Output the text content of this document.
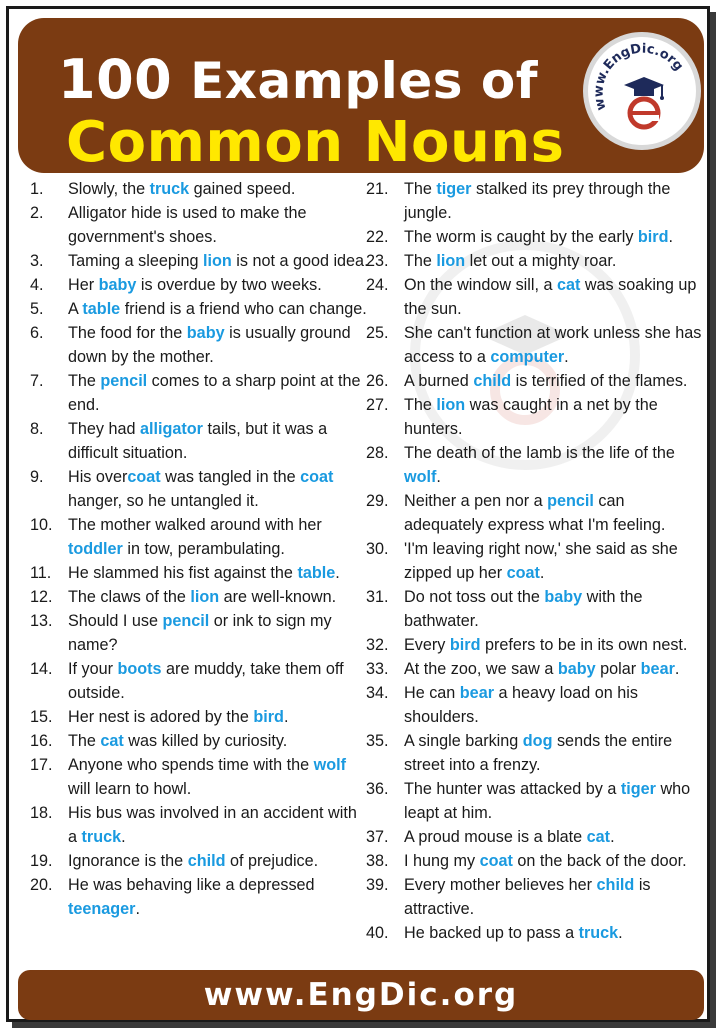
100 Examples of
Common Nouns
www.EngDic.org
1. Slowly, the truck gained speed.
2. Alligator hide is used to make the government's shoes.
3. Taming a sleeping lion is not a good idea.
4. Her baby is overdue by two weeks.
5. A table friend is a friend who can change.
6. The food for the baby is usually ground down by the mother.
7. The pencil comes to a sharp point at the end.
8. They had alligator tails, but it was a difficult situation.
9. His overcoat was tangled in the coat hanger, so he untangled it.
10. The mother walked around with her toddler in tow, perambulating.
11. He slammed his fist against the table.
12. The claws of the lion are well-known.
13. Should I use pencil or ink to sign my name?
14. If your boots are muddy, take them off outside.
15. Her nest is adored by the bird.
16. The cat was killed by curiosity.
17. Anyone who spends time with the wolf will learn to howl.
18. His bus was involved in an accident with a truck.
19. Ignorance is the child of prejudice.
20. He was behaving like a depressed teenager.
21. The tiger stalked its prey through the jungle.
22. The worm is caught by the early bird.
23. The lion let out a mighty roar.
24. On the window sill, a cat was soaking up the sun.
25. She can't function at work unless she has access to a computer.
26. A burned child is terrified of the flames.
27. The lion was caught in a net by the hunters.
28. The death of the lamb is the life of the wolf.
29. Neither a pen nor a pencil can adequately express what I'm feeling.
30. 'I'm leaving right now,' she said as she zipped up her coat.
31. Do not toss out the baby with the bathwater.
32. Every bird prefers to be in its own nest.
33. At the zoo, we saw a baby polar bear.
34. He can bear a heavy load on his shoulders.
35. A single barking dog sends the entire street into a frenzy.
36. The hunter was attacked by a tiger who leapt at him.
37. A proud mouse is a blate cat.
38. I hung my coat on the back of the door.
39. Every mother believes her child is attractive.
40. He backed up to pass a truck.
www.EngDic.org
